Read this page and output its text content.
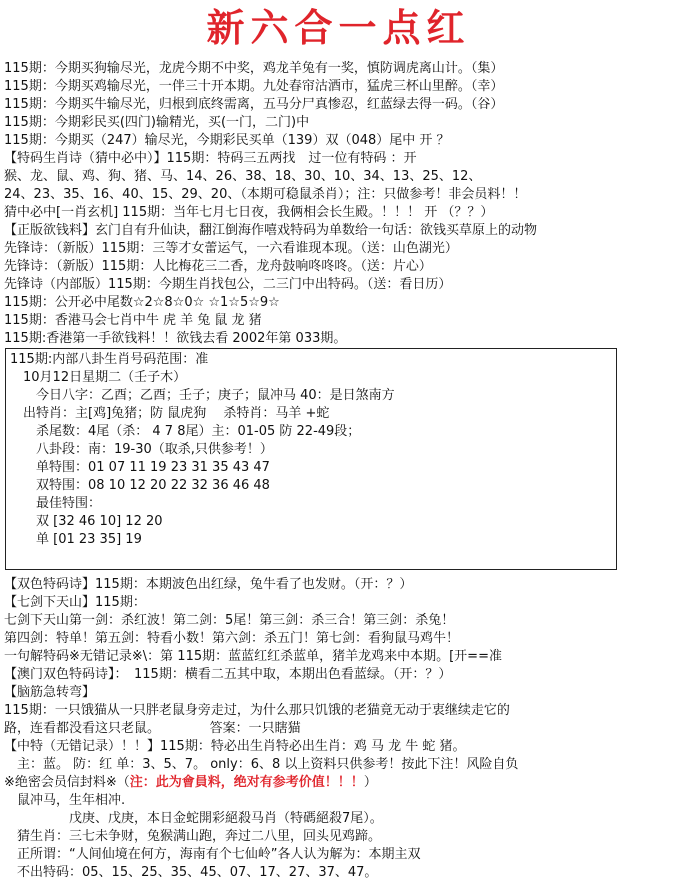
新六合一点红
115期：今期买狗输尽光，龙虎今期不中奖，鸡龙羊兔有一奖，慎防调虎离山计。（集）
115期：今期买鸡输尽光，一伴三十开本期。九处春帘沽酒市，猛虎三杯山里醉。（幸）
115期：今期买牛输尽光，归根到底终需离，五马分尸真惨忍，红蓝绿去得一码。（谷）
115期：今期彩民买(四门)输精光，买(一门，二门)中
115期：今期买（247）输尽光，今期彩民买单（139）双（048）尾中 开 ？
【特码生肖诗（猜中必中）】115期：特码三五两找　过一位有特码 ：开
猴、龙、鼠、鸡、狗、猪、马、14、26、38、18、30、10、34、13、25、12、
24、23、35、16、40、15、29、20、（本期可稳鼠杀肖）；注：只做参考！非会员料！！
猜中必中[一肖玄机] 115期：当年七月七日夜，我俩相会长生殿。！！！ 开 （？？）
【正版欲钱料】玄门自有升仙诀，翻江倒海作嘻戏特码为单数给一句话：欲钱买草原上的动物
先锋诗：（新版）115期：三等才女蕾运气，一六看谁现本现。（送：山色湖光）
先锋诗：（新版）115期：人比梅花三二香，龙舟鼓响咚咚咚。（送：片心）
先锋诗（内部版）115期：今期生肖找包公，二三门中出特码。（送：看日历）
115期：公开必中尾数☆2☆8☆0☆ ☆1☆5☆9☆
115期：香港马会七肖中牛 虎 羊 兔 鼠 龙 猪
115期:香港第一手欲钱料！！欲钱去看 2002年第 033期。
115期:内部八卦生肖号码范围：准
　10月12日星期二（壬子木）
　　今日八字：乙酉；乙酉；壬子；庚子；鼠冲马 40：是日煞南方
　出特肖：主[鸡]兔猪；防 鼠虎狗　 杀特肖：马羊 +蛇
　　杀尾数：4尾（杀： 4 7 8尾）主：01-05 防 22-49段；
　　八卦段：南：19-30（取杀,只供参考！）
　　单特围：01 07 11 19 23 31 35 43 47
　　双特围：08 10 12 20 22 32 36 46 48
　　最佳特围：
　　双 [32 46 10] 12 20
　　单 [01 23 35] 19
【双色特码诗】115期：本期波色出红绿，兔牛看了也发财。（开：？）
【七剑下天山】115期：
七剑下天山第一剑：杀红波！第二剑：5尾！第三剑：杀三合！第三剑：杀兔！
第四剑：特单！第五剑：特看小数！第六剑：杀五门！第七剑：看狗鼠马鸡牛！
一句解特码※无错记录※\：第 115期：蓝蓝红红杀蓝单，猪羊龙鸡来中本期。[开==准
【澳门双色特码诗】：　115期：横看二五其中取，本期出色看蓝绿。（开：？）
【脑筋急转弯】
115期：一只饿猫从一只胖老鼠身旁走过，为什么那只饥饿的老猫竟无动于衷继续走它的
路，连看都没看这只老鼠。　　　　 答案：一只瞎猫
【中特（无错记录）！！】115期：特必出生肖特必出生肖：鸡 马 龙 牛 蛇 猪。
　主：蓝。 防：红 单：3、5、7。 only：6、8 以上资料只供参考！按此下注！风险自负
※绝密会员信封料※（注：此为會員料，绝对有参考价值！！！）
　鼠冲马，生年相冲.
　　　　　戊庚、戊庚，本日金蛇開彩絕殺马肖（特碼絕殺7尾）。
　猜生肖：三七未争财，兔猴满山跑，奔过二八里，回头见鸡蹄。
　正所谓：“人间仙境在何方，海南有个七仙岭”各人认为解为：本期主双
　不出特码：05、15、25、35、45、07、17、27、37、47。
